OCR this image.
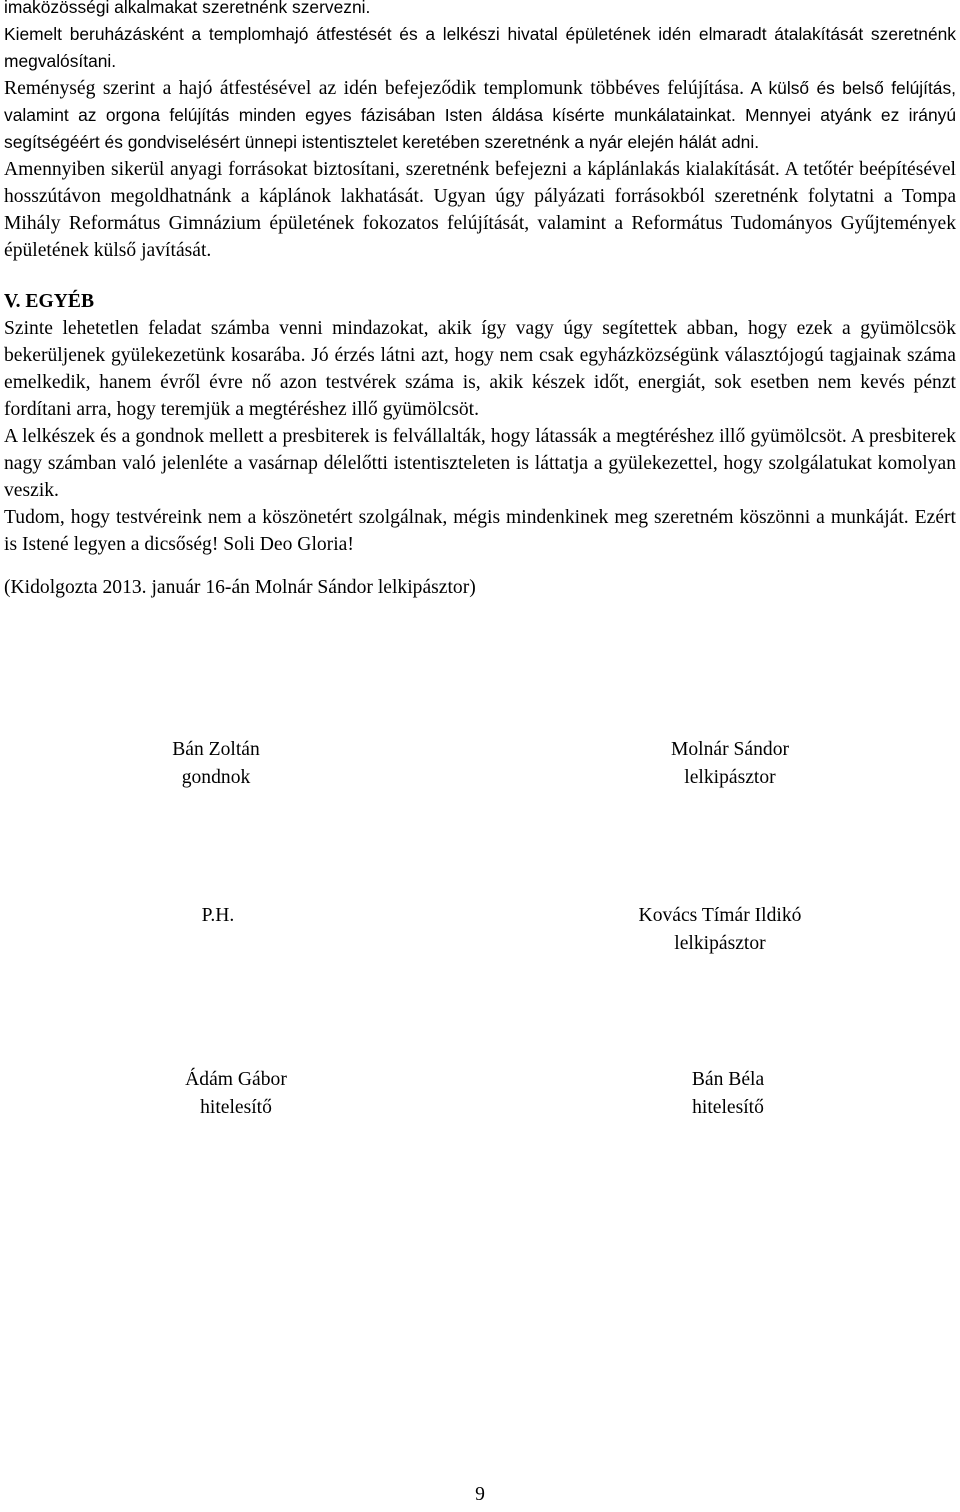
imaközösségi alkalmakat szeretnénk szervezni.

Kiemelt beruházásként a templomhajó átfestését és a lelkészi hivatal épületének idén elmaradt átalakítását szeretnénk megvalósítani.

Reménység szerint a hajó átfestésével az idén befejeződik templomunk többéves felújítása. A külső és belső felújítás, valamint az orgona felújítás minden egyes fázisában Isten áldása kísérte munkálatainkat. Mennyei atyánk ez irányú segítségéért és gondviselésért ünnepi istentisztelet keretében szeretnénk a nyár elején hálát adni.

Amennyiben sikerül anyagi forrásokat biztosítani, szeretnénk befejezni a káplánlakás kialakítását. A tetőtér beépítésével hosszútávon megoldhatnánk a káplánok lakhatását. Ugyan úgy pályázati forrásokból szeretnénk folytatni a Tompa Mihály Református Gimnázium épületének fokozatos felújítását, valamint a Református Tudományos Gyűjtemények épületének külső javítását.

V. EGYÉB

Szinte lehetetlen feladat számba venni mindazokat, akik így vagy úgy segítettek abban, hogy ezek a gyümölcsök bekerüljenek gyülekezetünk kosarába. Jó érzés látni azt, hogy nem csak egyházközségünk választójogú tagjainak száma emelkedik, hanem évről évre nő azon testvérek száma is, akik készek időt, energiát, sok esetben nem kevés pénzt fordítani arra, hogy teremjük a megtéréshez illő gyümölcsöt.

A lelkészek és a gondnok mellett a presbiterek is felvállalták, hogy látassák a megtéréshez illő gyümölcsöt. A presbiterek nagy számban való jelenléte a vasárnap délelőtti istentiszteleten is láttatja a gyülekezettel, hogy szolgálatukat komolyan veszik.

Tudom, hogy testvéreink nem a köszönetért szolgálnak, mégis mindenkinek meg szeretném köszönni a munkáját. Ezért is Istené legyen a dicsőség! Soli Deo Gloria!

(Kidolgozta 2013. január 16-án Molnár Sándor lelkipásztor)

Bán Zoltán
gondnok
Molnár Sándor
lelkipásztor
P.H.	Kovács Tímár Ildikó
lelkipásztor
Ádám Gábor
hitelesítő
Bán Béla
hitelesítő
9
